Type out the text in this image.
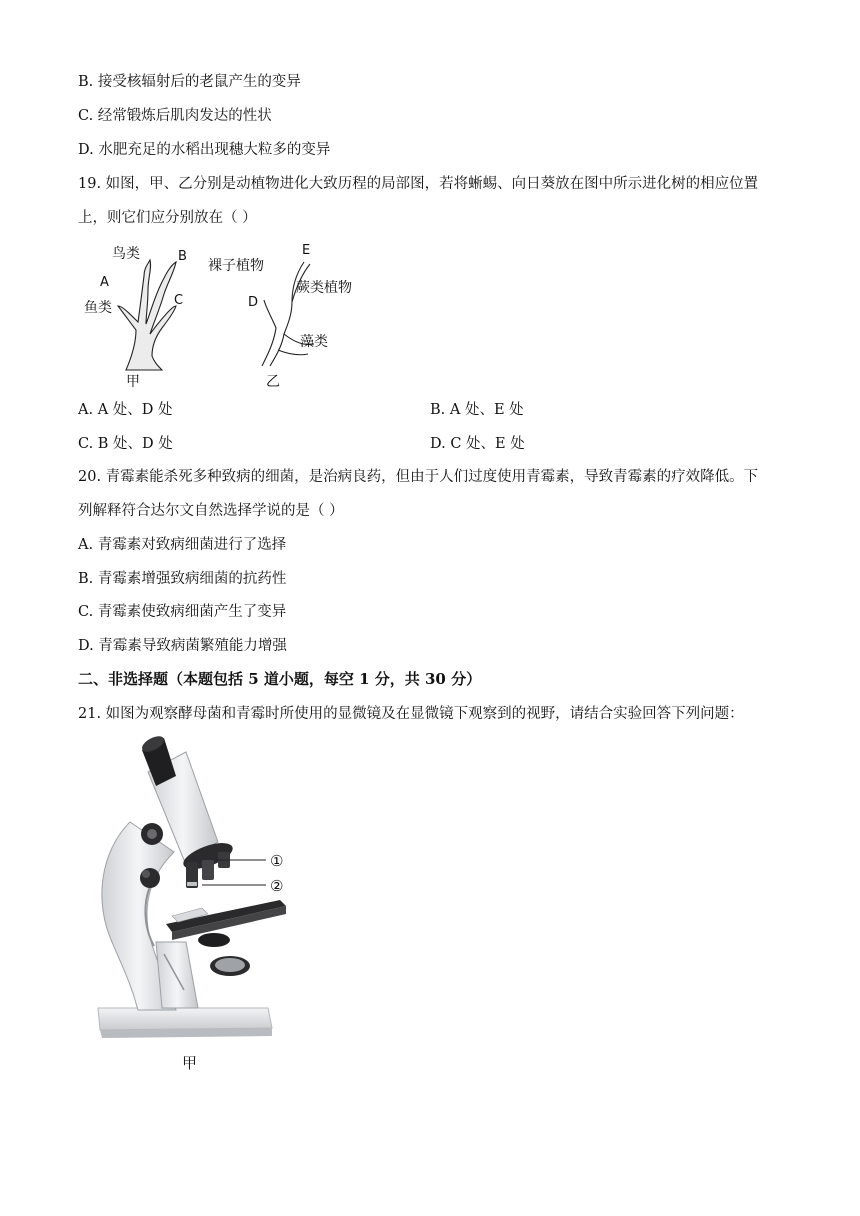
B. 接受核辐射后的老鼠产生的变异
C. 经常锻炼后肌肉发达的性状
D. 水肥充足的水稻出现穗大粒多的变异
19. 如图，甲、乙分别是动植物进化大致历程的局部图，若将蜥蜴、向日葵放在图中所示进化树的相应位置
上，则它们应分别放在（ ）
鸟类	B
A
C
鱼类
甲
E
裸子植物
蕨类植物
D
藻类
乙
A. A 处、D 处	B. A 处、E 处
C. B 处、D 处	D. C 处、E 处
20. 青霉素能杀死多种致病的细菌，是治病良药，但由于人们过度使用青霉素，导致青霉素的疗效降低。下
列解释符合达尔文自然选择学说的是（ ）
A. 青霉素对致病细菌进行了选择
B. 青霉素增强致病细菌的抗药性
C. 青霉素使致病细菌产生了变异
D. 青霉素导致病菌繁殖能力增强
二、非选择题（本题包括 5 道小题，每空 1 分，共 30 分）
21. 如图为观察酵母菌和青霉时所使用的显微镜及在显微镜下观察到的视野，请结合实验回答下列问题：
①
②
甲
